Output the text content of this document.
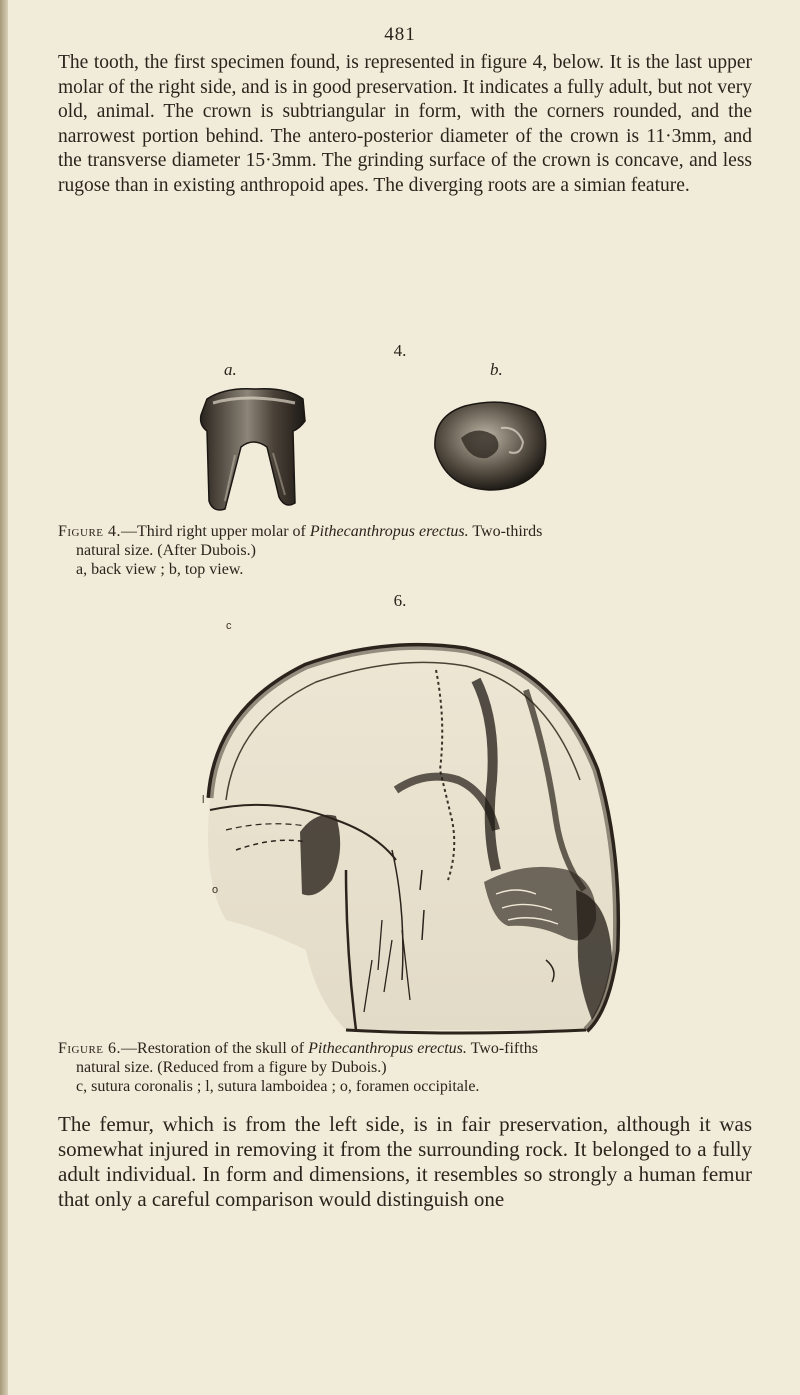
481

The tooth, the first specimen found, is represented in figure 4, below. It is the last upper molar of the right side, and is in good preservation. It indicates a fully adult, but not very old, animal. The crown is subtriangular in form, with the corners rounded, and the narrowest portion behind. The antero-posterior diameter of the crown is 11·3mm, and the transverse diameter 15·3mm. The grinding surface of the crown is concave, and less rugose than in existing anthropoid apes. The diverging roots are a simian feature.

4.
a.	b.

Figure 4.—Third right upper molar of Pithecanthropus erectus. Two-thirds
natural size. (After Dubois.)
a, back view ; b, top view.

6.
c
l
o

Figure 6.—Restoration of the skull of Pithecanthropus erectus. Two-fifths
natural size. (Reduced from a figure by Dubois.)
c, sutura coronalis ; l, sutura lamboidea ; o, foramen occipitale.

The femur, which is from the left side, is in fair preservation, although it was somewhat injured in removing it from the surrounding rock. It belonged to a fully adult individual. In form and dimensions, it resembles so strongly a human femur that only a careful comparison would distinguish one
